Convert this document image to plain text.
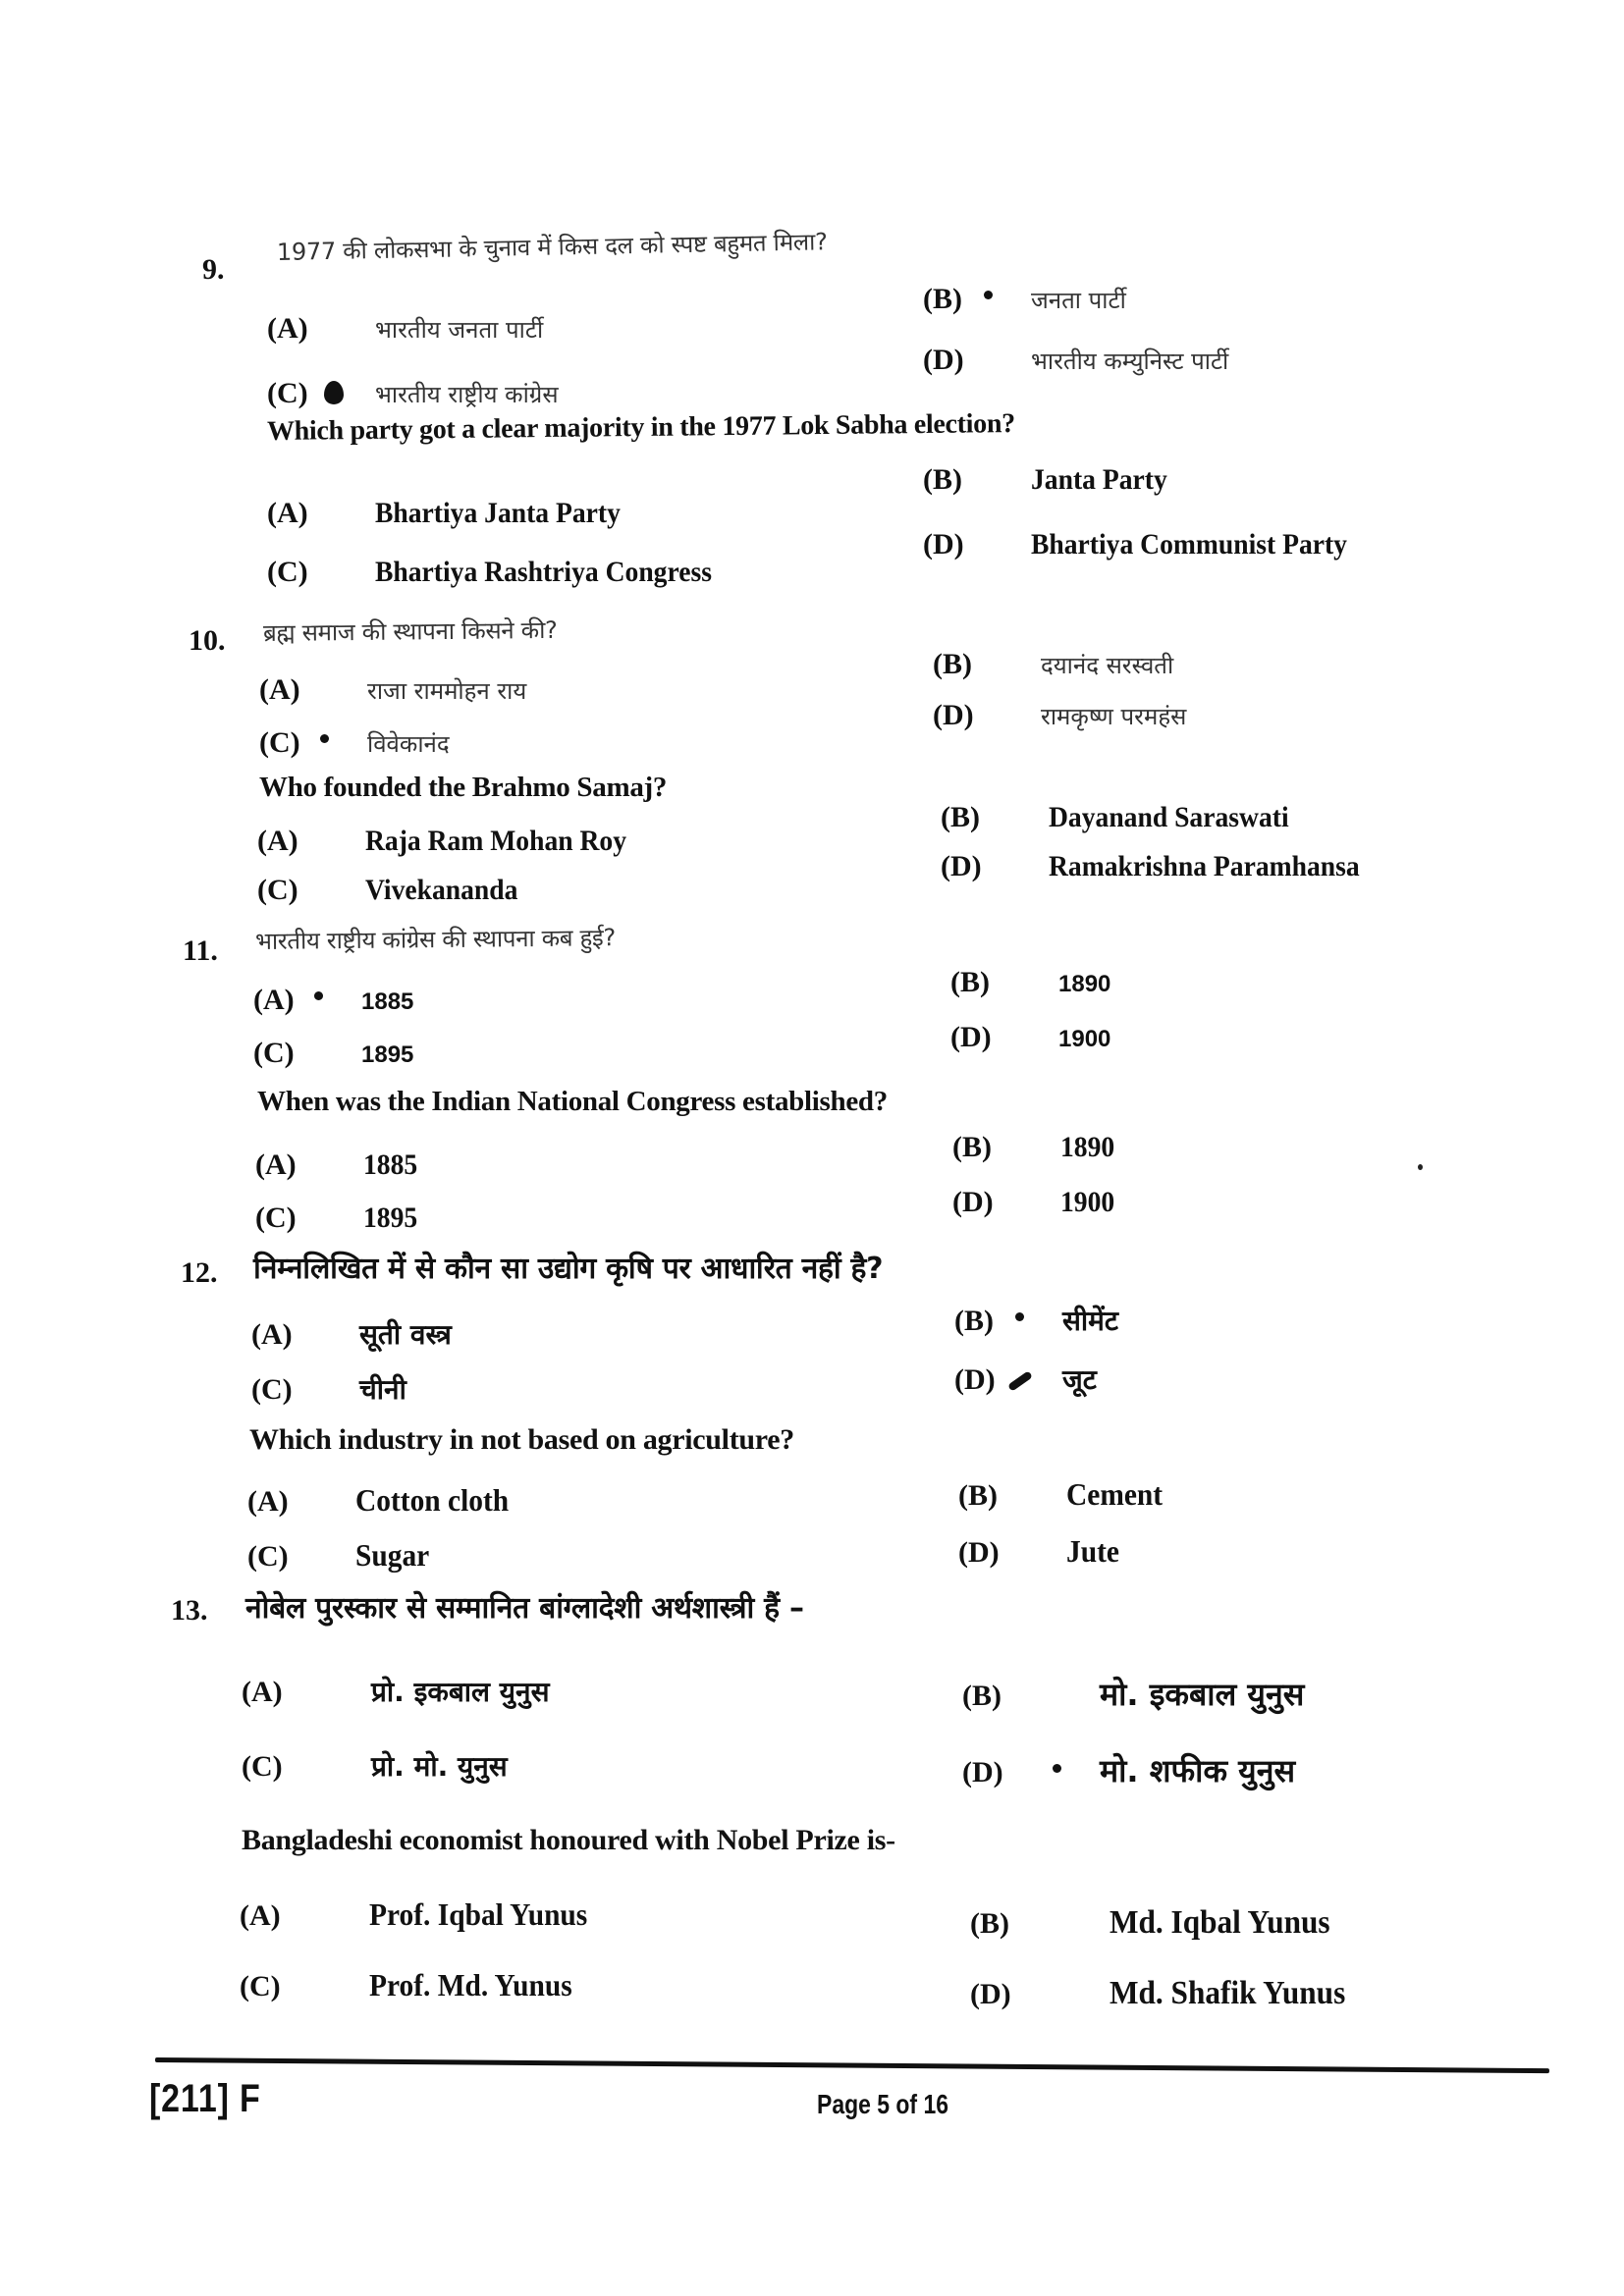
9.
1977 की लोकसभा के चुनाव में किस दल को स्पष्ट बहुमत मिला?
(A)	भारतीय जनता पार्टी
(B)	जनता पार्टी
(C)	भारतीय राष्ट्रीय कांग्रेस
(D)	भारतीय कम्युनिस्ट पार्टी
Which party got a clear majority in the 1977 Lok Sabha election?
(A) Bhartiya Janta Party
(B) Janta Party
(C) Bhartiya Rashtriya Congress
(D) Bhartiya Communist Party
10. ब्रह्म समाज की स्थापना किसने की?
(A)	राजा राममोहन राय
(B)	दयानंद सरस्वती
(C)	विवेकानंद
(D)	रामकृष्ण परमहंस
Who founded the Brahmo Samaj?
(A) Raja Ram Mohan Roy
(B) Dayanand Saraswati
(C) Vivekananda
(D) Ramakrishna Paramhansa
11. भारतीय राष्ट्रीय कांग्रेस की स्थापना कब हुई?
(A)	1885
(B)	1890
(C)	1895
(D)	1900
When was the Indian National Congress established?
(A) 1885
(B) 1890
(C) 1895	(D) 1900
12. निम्नलिखित में से कौन सा उद्योग कृषि पर आधारित नहीं है?
(A) सूती वस्त्र	(B)	सीमेंट
(C) चीनी	(D) जूट
Which industry in not based on agriculture?
(A) Cotton cloth	(B) Cement
(C) Sugar	(D) Jute
13. नोबेल पुरस्कार से सम्मानित बांग्लादेशी अर्थशास्त्री हैं –
(A)	प्रो. इकबाल युनुस	(B)	मो. इकबाल युनुस
(C)	प्रो. मो. युनुस	(D)	मो. शफीक युनुस
Bangladeshi economist honoured with Nobel Prize is-
(A)	Prof. Iqbal Yunus	(B)	Md. Iqbal Yunus
(C)	Prof. Md. Yunus	(D)	Md. Shafik Yunus
[211] F	Page 5 of 16
